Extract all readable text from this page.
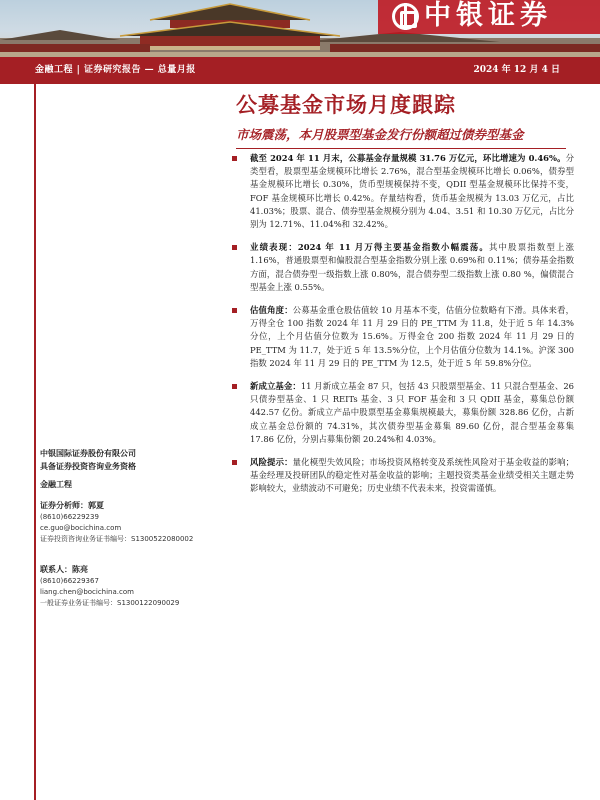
中银证券
金融工程 | 证券研究报告 — 总量月报	2024 年 12 月 4 日
公募基金市场月度跟踪
市场震荡，本月股票型基金发行份额超过债券型基金
截至 2024 年 11 月末，公募基金存量规模 31.76 万亿元，环比增速为 0.46%。分类型看，股票型基金规模环比增长 2.76%，混合型基金规模环比增长 0.06%，债券型基金规模环比增长 0.30%，货币型规模保持不变，QDII 型基金规模环比保持不变，FOF 基金规模环比增长 0.42%。存量结构看，货币基金规模为 13.03 万亿元，占比 41.03%；股票、混合、债券型基金规模分别为 4.04、3.51 和 10.30 万亿元，占比分别为 12.71%、11.04%和 32.42%。
业绩表现：2024 年 11 月万得主要基金指数小幅震荡。其中股票指数型上涨 1.16%，普通股票型和偏股混合型基金指数分别上涨 0.69%和 0.11%；债券基金指数方面，混合债券型一级指数上涨 0.80%，混合债券型二级指数上涨 0.80 %，偏债混合型基金上涨 0.55%。
估值角度：公募基金重仓股估值较 10 月基本不变，估值分位数略有下滑。具体来看，万得全仓 100 指数 2024 年 11 月 29 日的 PE_TTM 为 11.8，处于近 5 年 14.3%分位，上个月估值分位数为 15.6%。万得金仓 200 指数 2024 年 11 月 29 日的 PE_TTM 为 11.7，处于近 5 年 13.5%分位，上个月估值分位数为 14.1%。沪深 300 指数 2024 年 11 月 29 日的 PE_TTM 为 12.5，处于近 5 年 59.8%分位。
新成立基金：11 月新成立基金 87 只，包括 43 只股票型基金、11 只混合型基金、26 只债券型基金、1 只 REITs 基金、3 只 FOF 基金和 3 只 QDII 基金，募集总份额 442.57 亿份。新成立产品中股票型基金募集规模最大，募集份额 328.86 亿份，占新成立基金总份额的 74.31%，其次债券型基金募集 89.60 亿份，混合型基金募集 17.86 亿份，分别占募集份额 20.24%和 4.03%。
风险提示：量化模型失效风险；市场投资风格转变及系统性风险对于基金收益的影响；基金经理及投研团队的稳定性对基金收益的影响；主题投资类基金业绩受相关主题走势影响较大，业绩波动不可避免；历史业绩不代表未来，投资需谨慎。
中银国际证券股份有限公司
具备证券投资咨询业务资格
金融工程
证券分析师：郭夏
(8610)66229239
ce.guo@bocichina.com
证券投资咨询业务证书编号：S1300522080002
联系人：陈亮
(8610)66229367
liang.chen@bocichina.com
一般证券业务证书编号：S1300122090029
